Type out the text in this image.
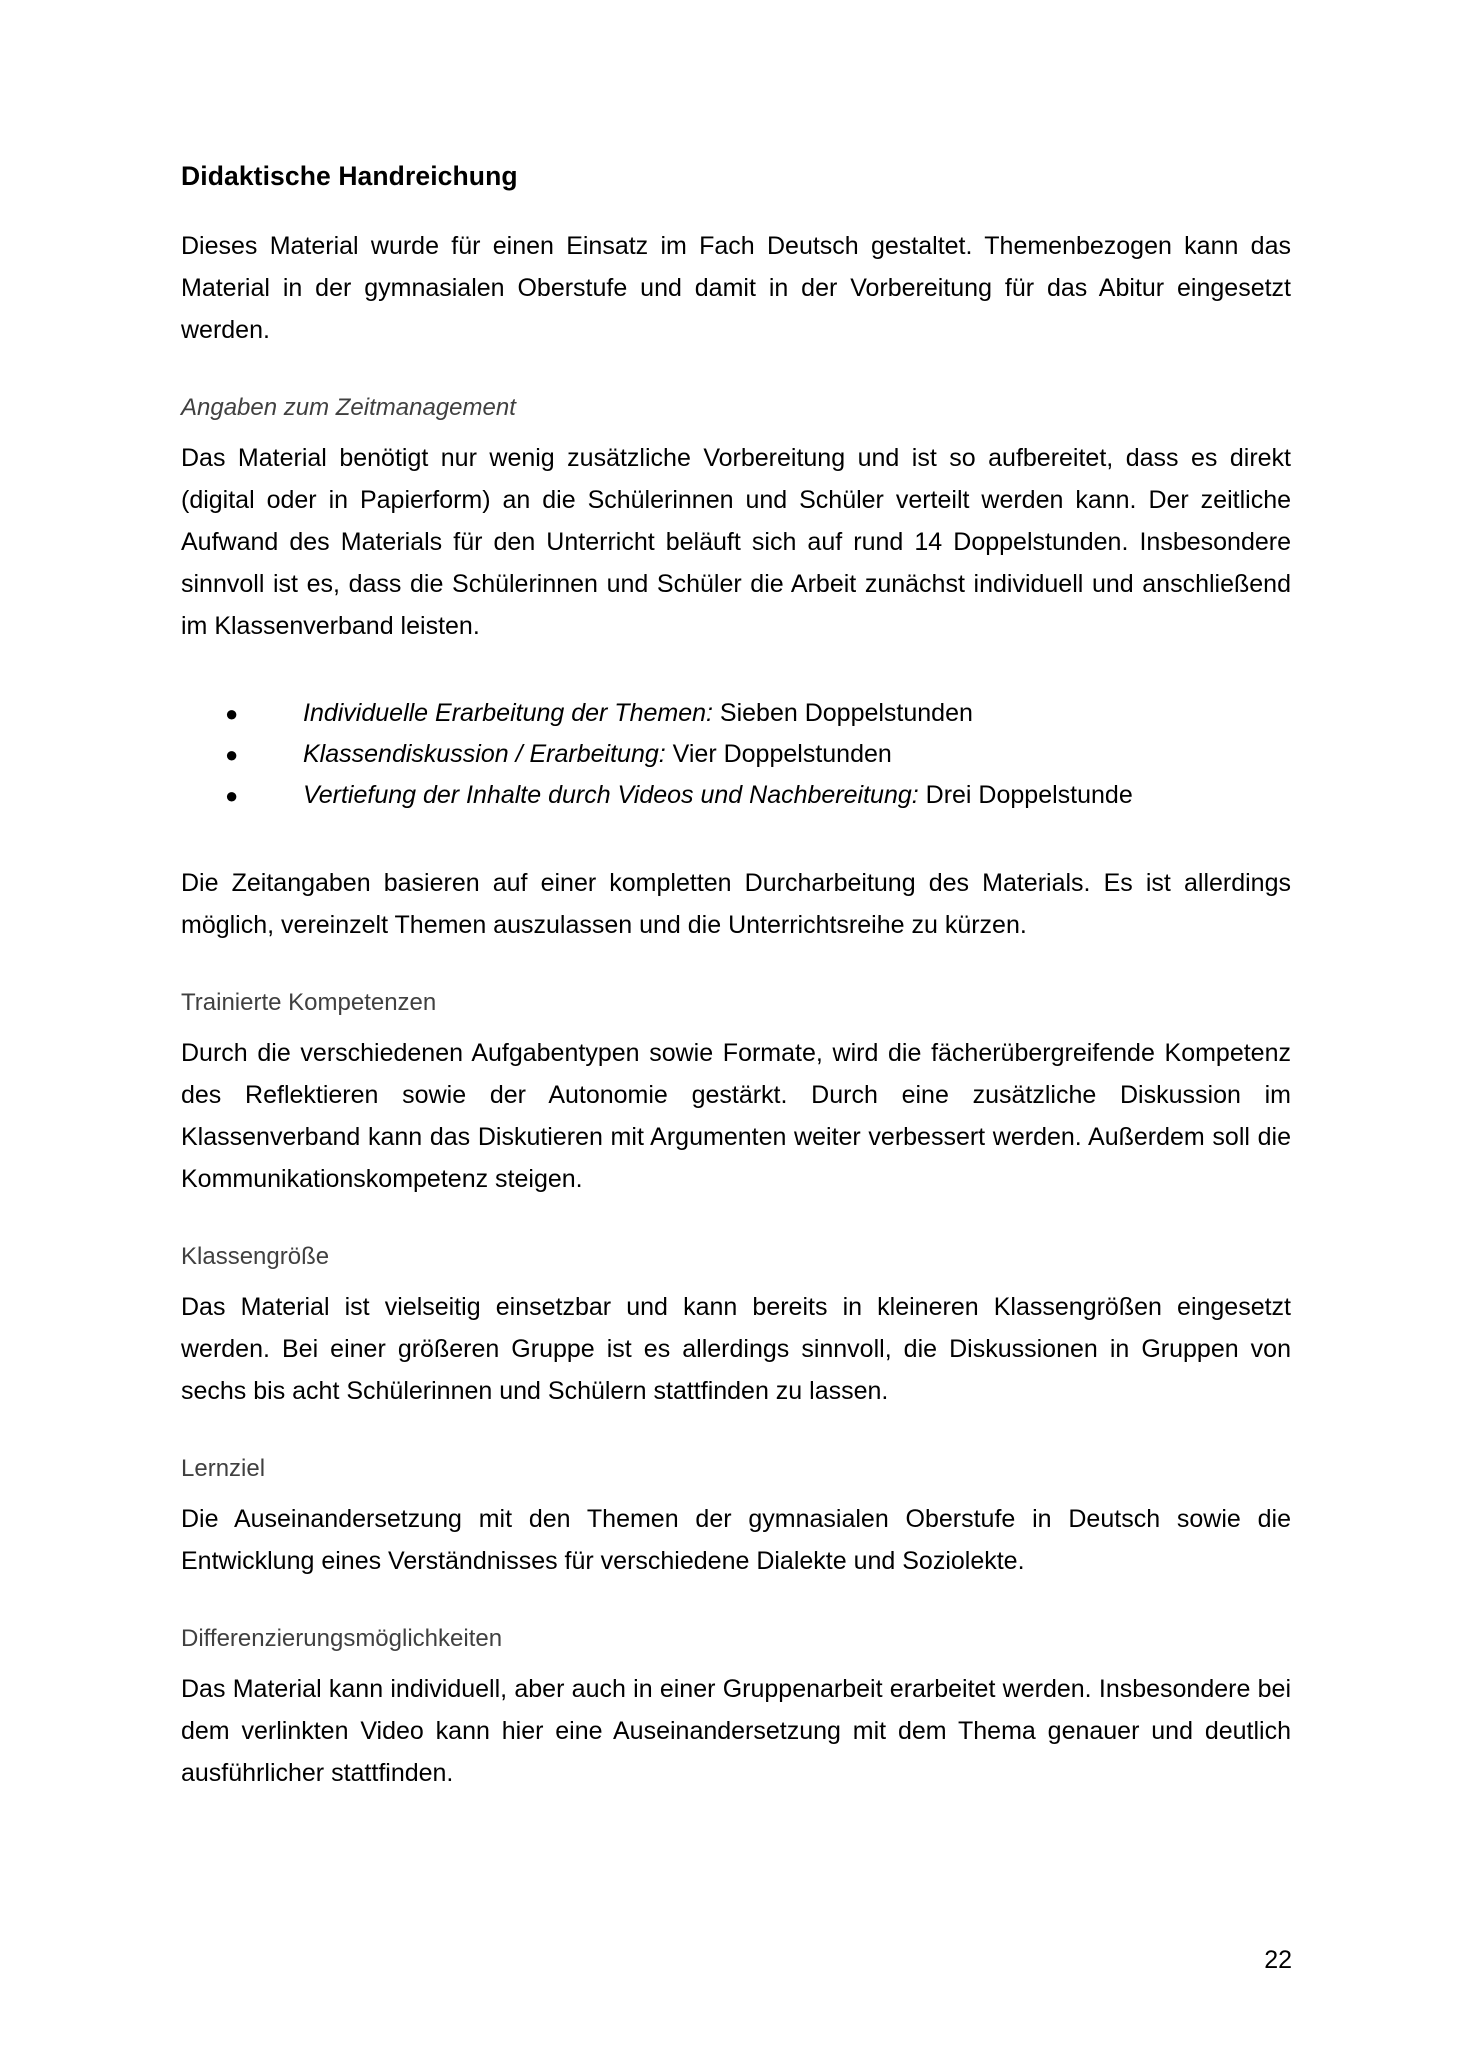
Didaktische Handreichung

Dieses Material wurde für einen Einsatz im Fach Deutsch gestaltet. Themenbezogen kann das Material in der gymnasialen Oberstufe und damit in der Vorbereitung für das Abitur eingesetzt werden.

Angaben zum Zeitmanagement

Das Material benötigt nur wenig zusätzliche Vorbereitung und ist so aufbereitet, dass es direkt (digital oder in Papierform) an die Schülerinnen und Schüler verteilt werden kann. Der zeitliche Aufwand des Materials für den Unterricht beläuft sich auf rund 14 Doppelstunden. Insbesondere sinnvoll ist es, dass die Schülerinnen und Schüler die Arbeit zunächst individuell und anschließend im Klassenverband leisten.

●	Individuelle Erarbeitung der Themen: Sieben Doppelstunden
●	Klassendiskussion / Erarbeitung: Vier Doppelstunden
●	Vertiefung der Inhalte durch Videos und Nachbereitung: Drei Doppelstunde

Die Zeitangaben basieren auf einer kompletten Durcharbeitung des Materials. Es ist allerdings möglich, vereinzelt Themen auszulassen und die Unterrichtsreihe zu kürzen.

Trainierte Kompetenzen

Durch die verschiedenen Aufgabentypen sowie Formate, wird die fächerübergreifende Kompetenz des Reflektieren sowie der Autonomie gestärkt. Durch eine zusätzliche Diskussion im Klassenverband kann das Diskutieren mit Argumenten weiter verbessert werden. Außerdem soll die Kommunikationskompetenz steigen.

Klassengröße

Das Material ist vielseitig einsetzbar und kann bereits in kleineren Klassengrößen eingesetzt werden. Bei einer größeren Gruppe ist es allerdings sinnvoll, die Diskussionen in Gruppen von sechs bis acht Schülerinnen und Schülern stattfinden zu lassen.

Lernziel

Die Auseinandersetzung mit den Themen der gymnasialen Oberstufe in Deutsch sowie die Entwicklung eines Verständnisses für verschiedene Dialekte und Soziolekte.

Differenzierungsmöglichkeiten

Das Material kann individuell, aber auch in einer Gruppenarbeit erarbeitet werden. Insbesondere bei dem verlinkten Video kann hier eine Auseinandersetzung mit dem Thema genauer und deutlich ausführlicher stattfinden.

22
